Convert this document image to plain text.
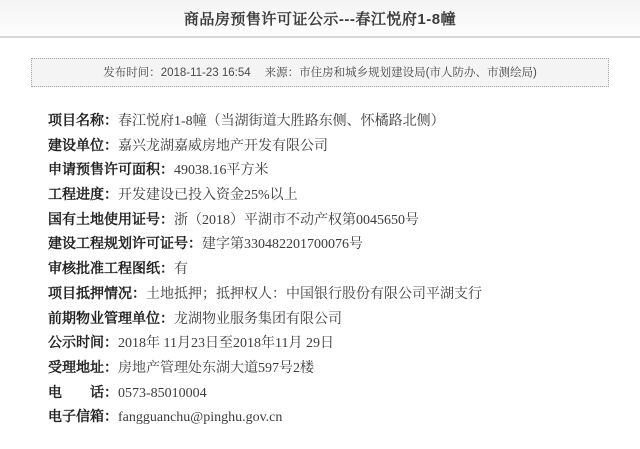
商品房预售许可证公示---春江悦府1-8幢
发布时间：2018-11-23 16:54 来源：市住房和城乡规划建设局(市人防办、市测绘局)
项目名称：春江悦府1-8幢（当湖街道大胜路东侧、怀橘路北侧）
建设单位：嘉兴龙湖嘉威房地产开发有限公司
申请预售许可面积：49038.16平方米
工程进度：开发建设已投入资金25%以上
国有土地使用证号：浙（2018）平湖市不动产权第0045650号
建设工程规划许可证号：建字第330482201700076号
审核批准工程图纸：有
项目抵押情况：土地抵押；抵押权人：中国银行股份有限公司平湖支行
前期物业管理单位：龙湖物业服务集团有限公司
公示时间：2018年 11月23日至2018年11月 29日
受理地址：房地产管理处东湖大道597号2楼
电　　话：0573-85010004
电子信箱：fangguanchu@pinghu.gov.cn
